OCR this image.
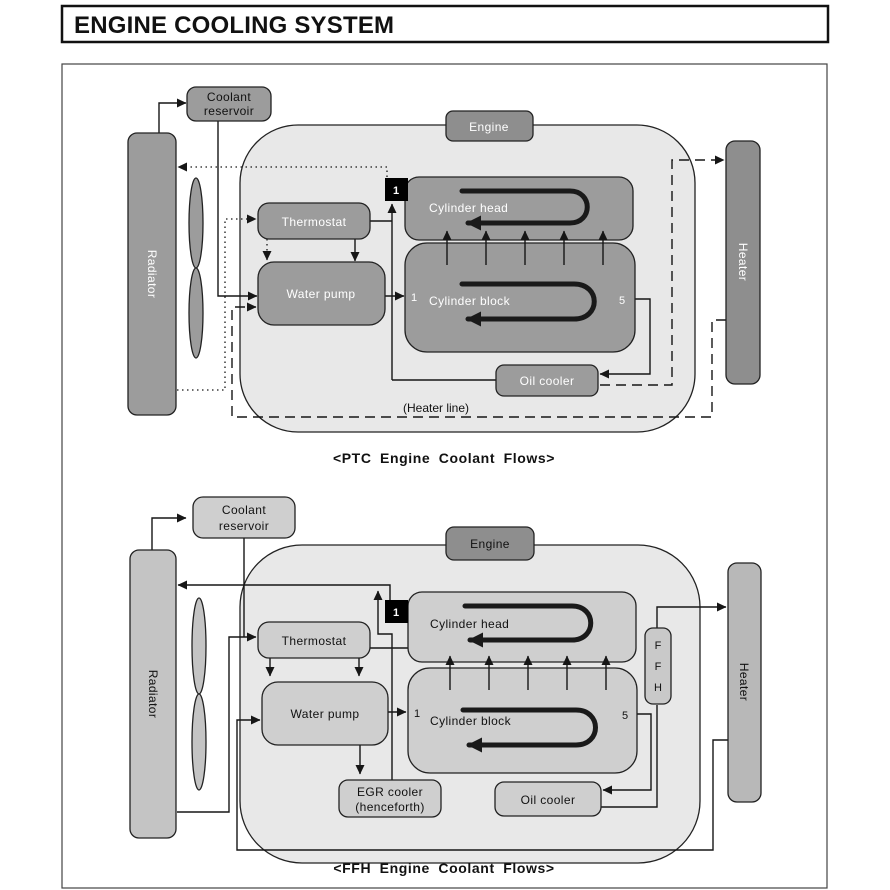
ENGINE COOLING SYSTEM
Radiator
Coolant
reservoir
Engine
Thermostat
Water pump
Cylinder head
Cylinder block
1	5
1
Oil cooler
Heater
(Heater line)
<PTC Engine Coolant Flows>
Radiator
Coolant
reservoir
Engine
Thermostat
Water pump
Cylinder head
Cylinder block
1	5
1
EGR cooler
(henceforth)	Oil cooler
F
F
H	Heater
<FFH Engine Coolant Flows>
